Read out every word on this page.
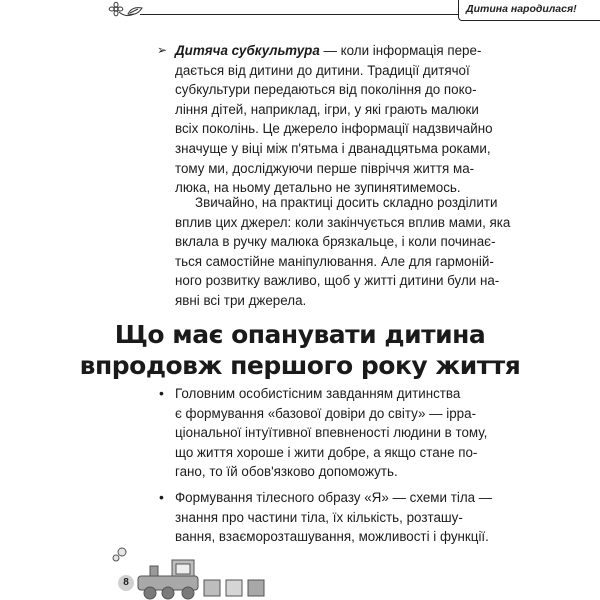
Дитина народилася!
➢ Дитяча субкультура — коли інформація пере-
дається від дитини до дитини. Традиції дитячої
субкультури передаються від покоління до поко-
ління дітей, наприклад, ігри, у які грають малюки
всіх поколінь. Це джерело інформації надзвичайно
значуще у віці між п'ятьма і дванадцятьма роками,
тому ми, досліджуючи перше півріччя життя ма-
люка, на ньому детально не зупинятимемось.
Звичайно, на практиці досить складно розділити
вплив цих джерел: коли закінчується вплив мами, яка
вклала в ручку малюка брязкальце, і коли починає-
ться самостійне маніпулювання. Але для гармоній-
ного розвитку важливо, щоб у житті дитини були на-
явні всі три джерела.
Що має опанувати дитина
впродовж першого року життя
• Головним особистісним завданням дитинства
є формування «базової довіри до світу» — ірра-
ціональної інтуїтивної впевненості людини в тому,
що життя хороше і жити добре, а якщо стане по-
гано, то їй обов'язково допоможуть.
• Формування тілесного образу «Я» — схеми тіла —
знання про частини тіла, їх кількість, розташу-
вання, взаєморозташування, можливості і функції.
8
